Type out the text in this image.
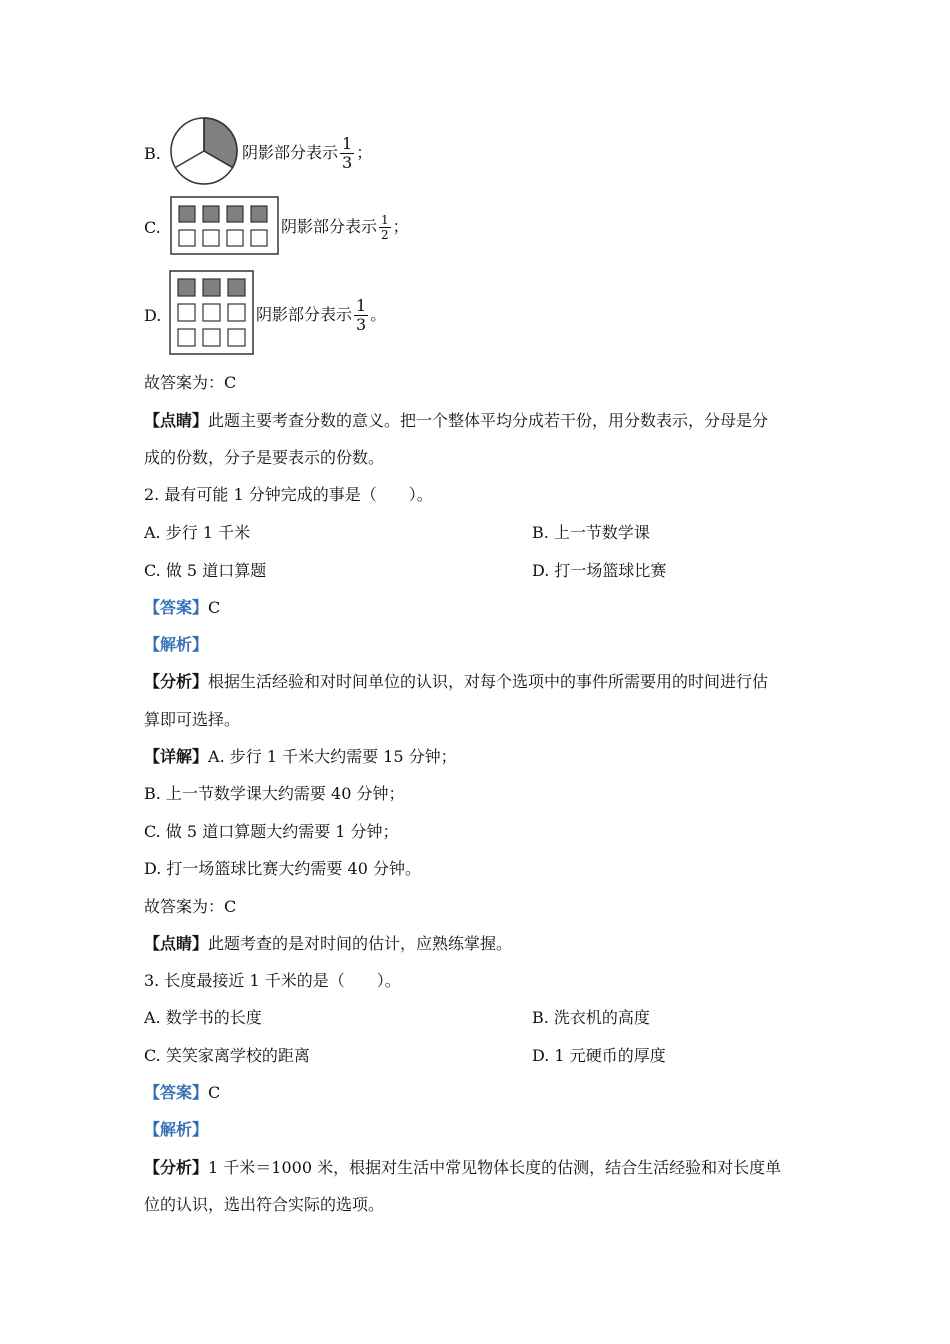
B.	阴影部分表示 $\frac{1}{3}$ ；
C.	阴影部分表示 $\frac{1}{2}$ ；
D.	阴影部分表示 $\frac{1}{3}$ 。
故答案为：C
【点睛】此题主要考查分数的意义。把一个整体平均分成若干份，用分数表示，分母是分
成的份数，分子是要表示的份数。
2. 最有可能 1 分钟完成的事是（　　）。
A. 步行 1 千米	B. 上一节数学课
C. 做 5 道口算题	D. 打一场篮球比赛
【答案】C
【解析】
【分析】根据生活经验和对时间单位的认识，对每个选项中的事件所需要用的时间进行估
算即可选择。
【详解】A. 步行 1 千米大约需要 15 分钟；
B. 上一节数学课大约需要 40 分钟；
C. 做 5 道口算题大约需要 1 分钟；
D. 打一场篮球比赛大约需要 40 分钟。
故答案为：C
【点睛】此题考查的是对时间的估计，应熟练掌握。
3. 长度最接近 1 千米的是（　　）。
A. 数学书的长度	B. 洗衣机的高度
C. 笑笑家离学校的距离	D. 1 元硬币的厚度
【答案】C
【解析】
【分析】1 千米＝1000 米，根据对生活中常见物体长度的估测，结合生活经验和对长度单
位的认识，选出符合实际的选项。
